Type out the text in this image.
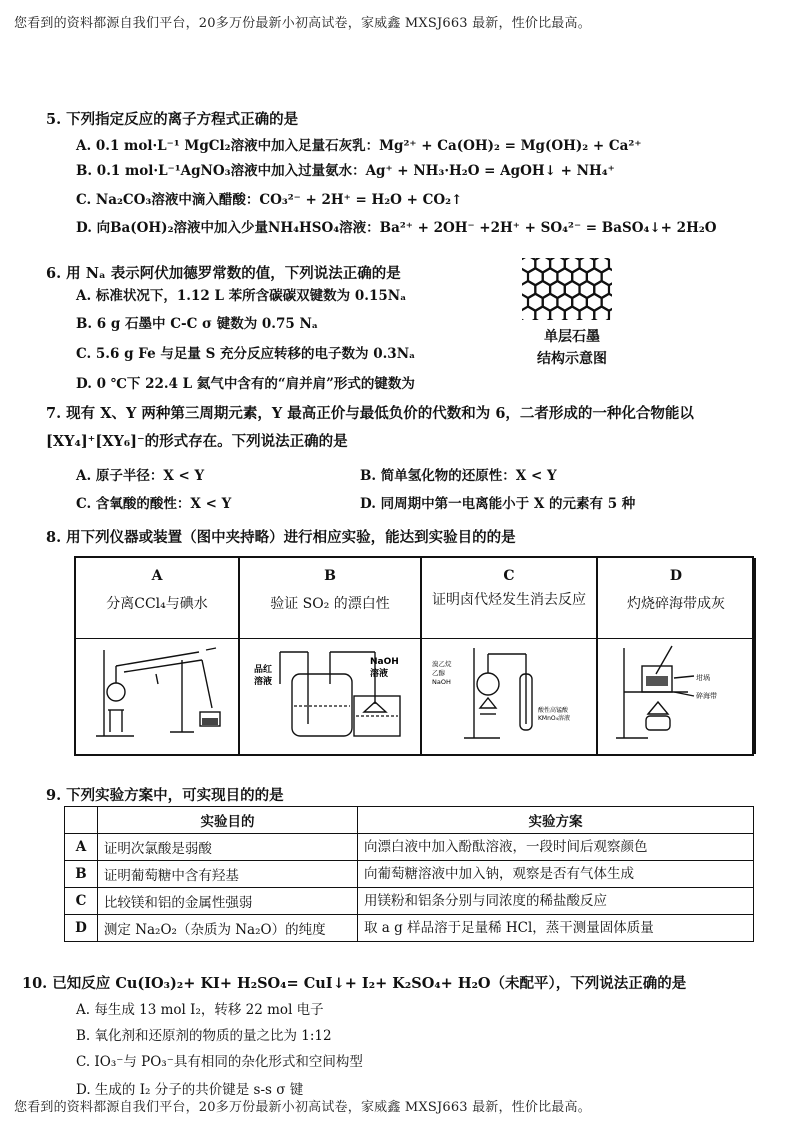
您看到的资料都源自我们平台，20多万份最新小初高试卷，家威鑫 MXSJ663 最新，性价比最高。
5. 下列指定反应的离子方程式正确的是
A. 0.1 mol·L⁻¹ MgCl₂溶液中加入足量石灰乳：Mg²⁺ + Ca(OH)₂ = Mg(OH)₂ + Ca²⁺
B. 0.1 mol·L⁻¹AgNO₃溶液中加入过量氨水：Ag⁺ + NH₃·H₂O = AgOH↓ + NH₄⁺
C. Na₂CO₃溶液中滴入醋酸：CO₃²⁻ + 2H⁺ = H₂O + CO₂↑
D. 向Ba(OH)₂溶液中加入少量NH₄HSO₄溶液：Ba²⁺ + 2OH⁻ +2H⁺ + SO₄²⁻ = BaSO₄↓+ 2H₂O
6. 用 Nₐ 表示阿伏加德罗常数的值，下列说法正确的是
A. 标准状况下，1.12 L 苯所含碳碳双键数为 0.15Nₐ
B. 6 g 石墨中 C-C σ 键数为 0.75 Nₐ
C. 5.6 g Fe 与足量 S 充分反应转移的电子数为 0.3Nₐ
D. 0 ℃下 22.4 L 氦气中含有的“肩并肩”形式的键数为
单层石墨
结构示意图
7. 现有 X、Y 两种第三周期元素，Y 最高正价与最低负价的代数和为 6，二者形成的一种化合物能以
[XY₄]⁺[XY₆]⁻的形式存在。下列说法正确的是
A. 原子半径：X < Y	B. 简单氢化物的还原性：X < Y
C. 含氧酸的酸性：X < Y	D. 同周期中第一电离能小于 X 的元素有 5 种
8. 用下列仪器或装置（图中夹持略）进行相应实验，能达到实验目的的是
A
分离CCl₄与碘水
B
验证 SO₂ 的漂白性
品红
溶液
NaOH
溶液
C
证明卤代烃发生消去反应
溴乙烷
乙醇
NaOH
酸性高锰酸
KMnO₄溶液
D
灼烧碎海带成灰
坩埚
碎海带
9. 下列实验方案中，可实现目的的是
	实验目的	实验方案
A	证明次氯酸是弱酸	向漂白液中加入酚酞溶液，一段时间后观察颜色
B	证明葡萄糖中含有羟基	向葡萄糖溶液中加入钠，观察是否有气体生成
C	比较镁和铝的金属性强弱	用镁粉和铝条分别与同浓度的稀盐酸反应
D	测定 Na₂O₂（杂质为 Na₂O）的纯度	取 a g 样品溶于足量稀 HCl，蒸干测量固体质量
10. 已知反应 Cu(IO₃)₂+ KI+ H₂SO₄= CuI↓+ I₂+ K₂SO₄+ H₂O（未配平），下列说法正确的是
A. 每生成 13 mol I₂，转移 22 mol 电子
B. 氧化剂和还原剂的物质的量之比为 1:12
C. IO₃⁻与 PO₃⁻具有相同的杂化形式和空间构型
D. 生成的 I₂ 分子的共价键是 s-s σ 键
您看到的资料都源自我们平台，20多万份最新小初高试卷，家威鑫 MXSJ663 最新，性价比最高。
